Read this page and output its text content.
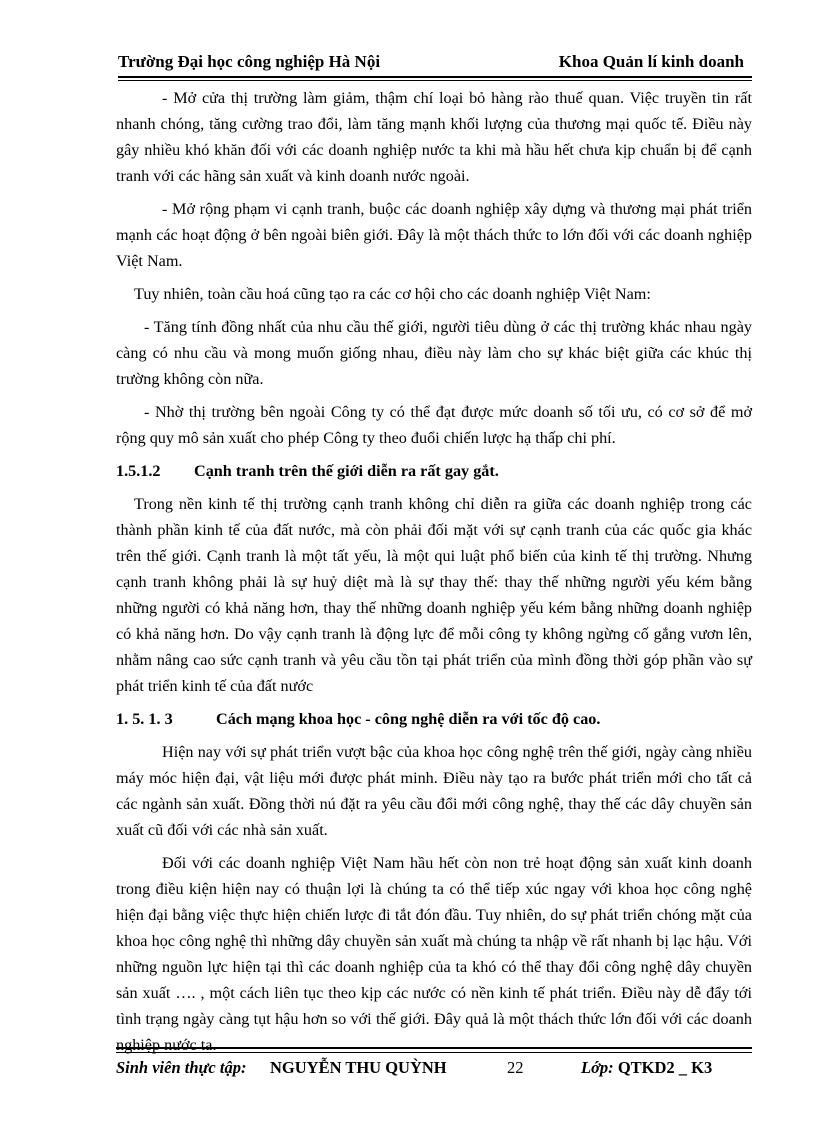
Trường Đại học công nghiệp Hà Nội	Khoa Quản lí kinh doanh

- Mở cửa thị trường làm giảm, thậm chí loại bỏ hàng rào thuế quan. Việc truyền tin rất nhanh chóng, tăng cường trao đổi, làm tăng mạnh khối lượng của thương mại quốc tế. Điều này gây nhiều khó khăn đối với các doanh nghiệp nước ta khi mà hầu hết chưa kịp chuẩn bị để cạnh tranh với các hãng sản xuất và kinh doanh nước ngoài.

- Mở rộng phạm vi cạnh tranh, buộc các doanh nghiệp xây dựng và thương mại phát triển mạnh các hoạt động ở bên ngoài biên giới. Đây là một thách thức to lớn đối với các doanh nghiệp Việt Nam.

Tuy nhiên, toàn cầu hoá cũng tạo ra các cơ hội cho các doanh nghiệp Việt Nam:

- Tăng tính đồng nhất của nhu cầu thế giới, người tiêu dùng ở các thị trường khác nhau ngày càng có nhu cầu và mong muốn giống nhau, điều này làm cho sự khác biệt giữa các khúc thị trường không còn nữa.

- Nhờ thị trường bên ngoài Công ty có thể đạt được mức doanh số tối ưu, có cơ sở để mở rộng quy mô sản xuất cho phép Công ty theo đuổi chiến lược hạ thấp chi phí.

1.5.1.2 Cạnh tranh trên thế giới diễn ra rất gay gắt.

Trong nền kinh tế thị trường cạnh tranh không chỉ diễn ra giữa các doanh nghiệp trong các thành phần kinh tế của đất nước, mà còn phải đối mặt với sự cạnh tranh của các quốc gia khác trên thế giới. Cạnh tranh là một tất yếu, là một qui luật phổ biến của kinh tế thị trường. Nhưng cạnh tranh không phải là sự huỷ diệt mà là sự thay thế: thay thế những người yếu kém bằng những người có khả năng hơn, thay thế những doanh nghiệp yếu kém bằng những doanh nghiệp có khả năng hơn. Do vậy cạnh tranh là động lực để mỗi công ty không ngừng cố gắng vươn lên, nhằm nâng cao sức cạnh tranh và yêu cầu tồn tại phát triển của mình đồng thời góp phần vào sự phát triển kinh tế của đất nước

1. 5. 1. 3	Cách mạng khoa học - công nghệ diễn ra với tốc độ cao.

Hiện nay với sự phát triển vượt bậc của khoa học công nghệ trên thế giới, ngày càng nhiều máy móc hiện đại, vật liệu mới được phát minh. Điều này tạo ra bước phát triển mới cho tất cả các ngành sản xuất. Đồng thời nú đặt ra yêu cầu đổi mới công nghệ, thay thế các dây chuyền sản xuất cũ đối với các nhà sản xuất.

Đối với các doanh nghiệp Việt Nam hầu hết còn non trẻ hoạt động sản xuất kinh doanh trong điều kiện hiện nay có thuận lợi là chúng ta có thể tiếp xúc ngay với khoa học công nghệ hiện đại bằng việc thực hiện chiến lược đi tắt đón đầu. Tuy nhiên, do sự phát triển chóng mặt của khoa học công nghệ thì những dây chuyền sản xuất mà chúng ta nhập về rất nhanh bị lạc hậu. Với những nguồn lực hiện tại thì các doanh nghiệp của ta khó có thể thay đổi công nghệ dây chuyền sản xuất …. , một cách liên tục theo kịp các nước có nền kinh tế phát triển. Điều này dễ đẩy tới tình trạng ngày càng tụt hậu hơn so với thế giới. Đây quả là một thách thức lớn đối với các doanh nghiệp nước ta.

Sinh viên thực tập: NGUYỄN THU QUỲNH	22	Lớp: QTKD2 _ K3
